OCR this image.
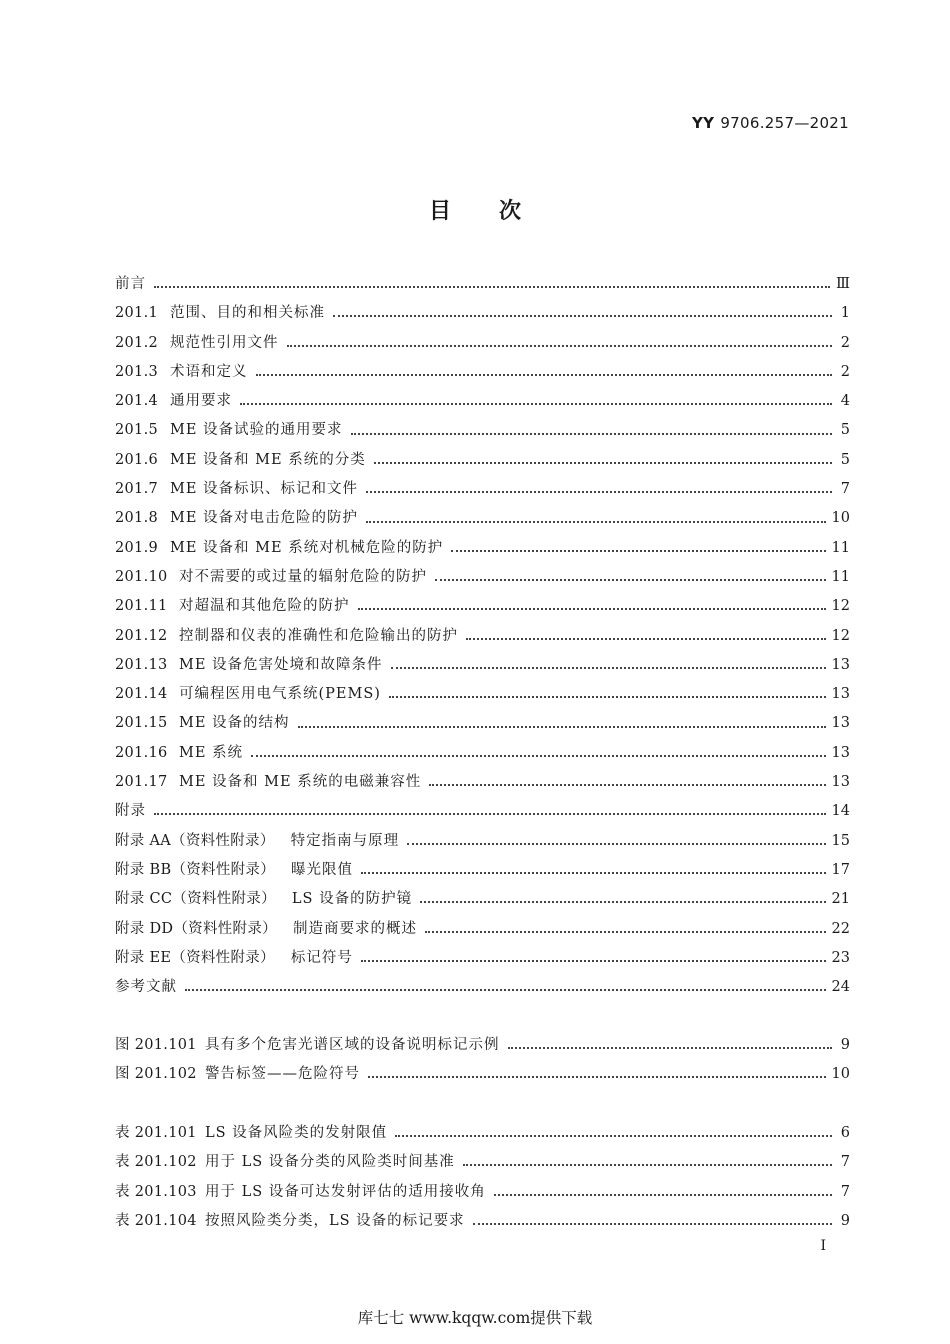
YY 9706.257—2021
目次
前言	Ⅲ
201.1 范围、目的和相关标准	1
201.2 规范性引用文件	2
201.3 术语和定义	2
201.4 通用要求	4
201.5 ME 设备试验的通用要求	5
201.6 ME 设备和 ME 系统的分类	5
201.7 ME 设备标识、标记和文件	7
201.8 ME 设备对电击危险的防护	10
201.9 ME 设备和 ME 系统对机械危险的防护	11
201.10 对不需要的或过量的辐射危险的防护	11
201.11 对超温和其他危险的防护	12
201.12 控制器和仪表的准确性和危险输出的防护	12
201.13 ME 设备危害处境和故障条件	13
201.14 可编程医用电气系统(PEMS)	13
201.15 ME 设备的结构	13
201.16 ME 系统	13
201.17 ME 设备和 ME 系统的电磁兼容性	13
附录	14
附录 AA（资料性附录） 特定指南与原理	15
附录 BB（资料性附录） 曝光限值	17
附录 CC（资料性附录） LS 设备的防护镜	21
附录 DD（资料性附录） 制造商要求的概述	22
附录 EE（资料性附录） 标记符号	23
参考文献	24
图 201.101 具有多个危害光谱区域的设备说明标记示例	9
图 201.102 警告标签——危险符号	10
表 201.101 LS 设备风险类的发射限值	6
表 201.102 用于 LS 设备分类的风险类时间基准	7
表 201.103 用于 LS 设备可达发射评估的适用接收角	7
表 201.104 按照风险类分类，LS 设备的标记要求	9
I
库七七 www.kqqw.com提供下载
